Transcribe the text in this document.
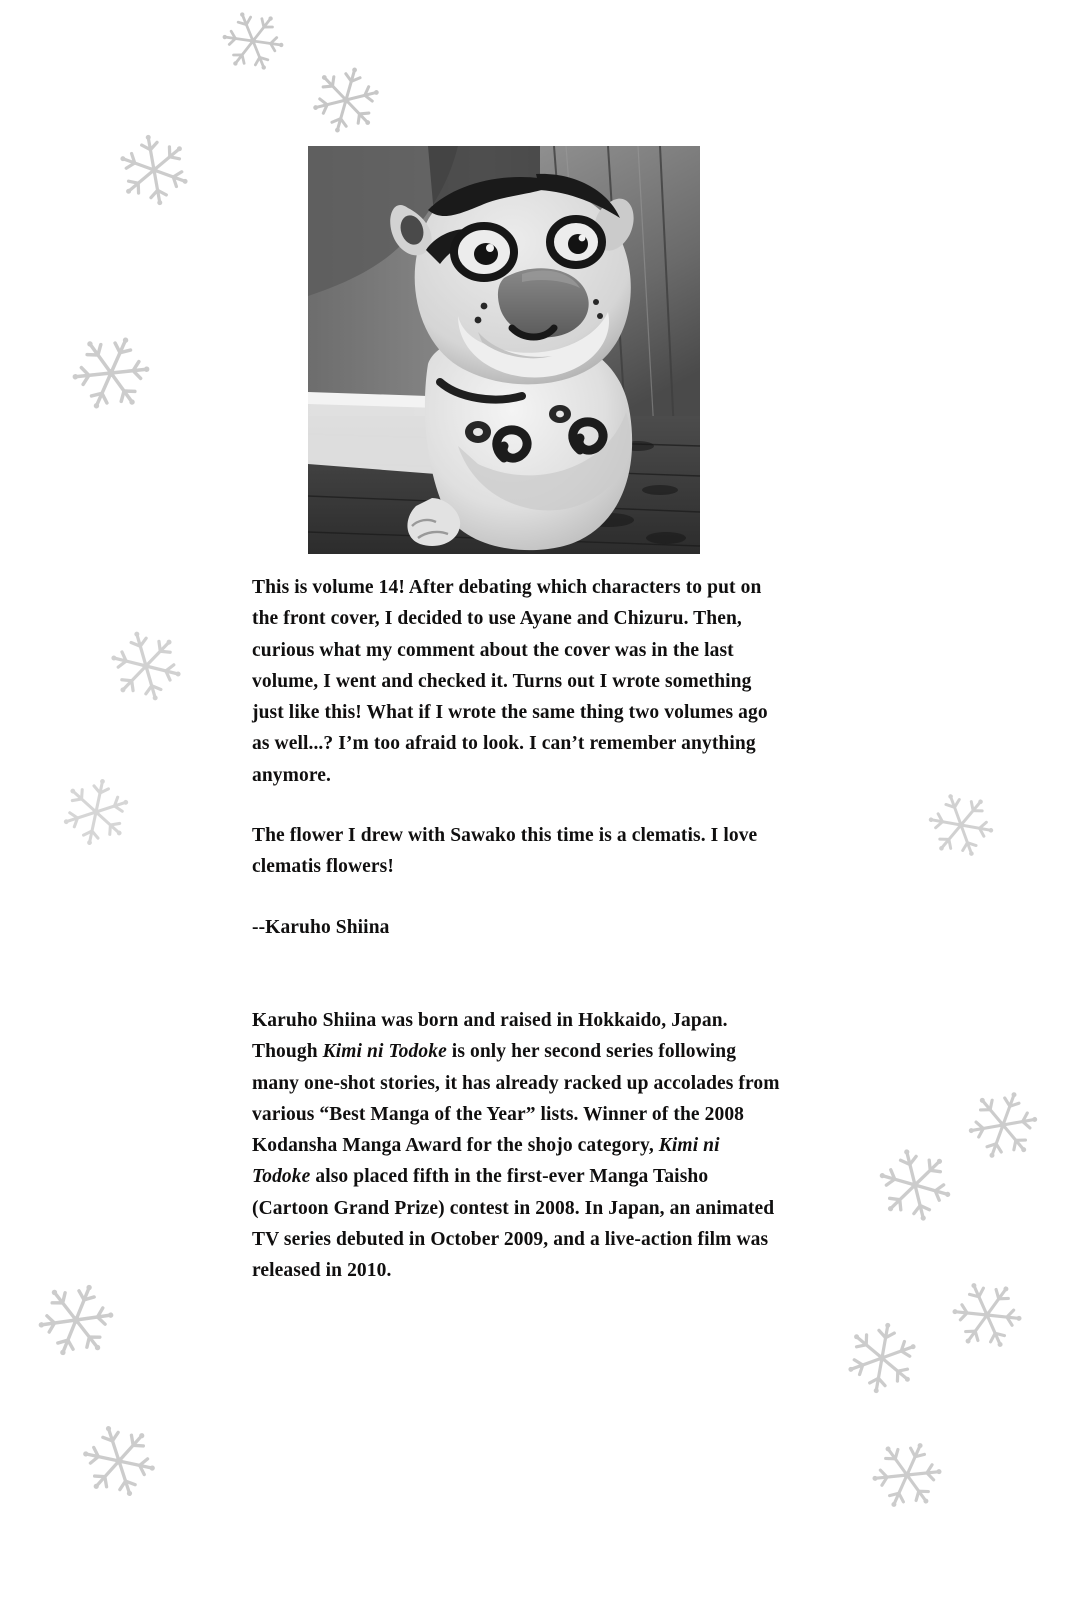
This is volume 14! After debating which characters to put on the front cover, I decided to use Ayane and Chizuru. Then, curious what my comment about the cover was in the last volume, I went and checked it. Turns out I wrote something just like this! What if I wrote the same thing two volumes ago as well...? I’m too afraid to look. I can’t remember anything anymore.

The flower I drew with Sawako this time is a clematis. I love clematis flowers!

--Karuho Shiina

Karuho Shiina was born and raised in Hokkaido, Japan. Though Kimi ni Todoke is only her second series following many one-shot stories, it has already racked up accolades from various “Best Manga of the Year” lists. Winner of the 2008 Kodansha Manga Award for the shojo category, Kimi ni Todoke also placed fifth in the first-ever Manga Taisho (Cartoon Grand Prize) contest in 2008. In Japan, an animated TV series debuted in October 2009, and a live-action film was released in 2010.
